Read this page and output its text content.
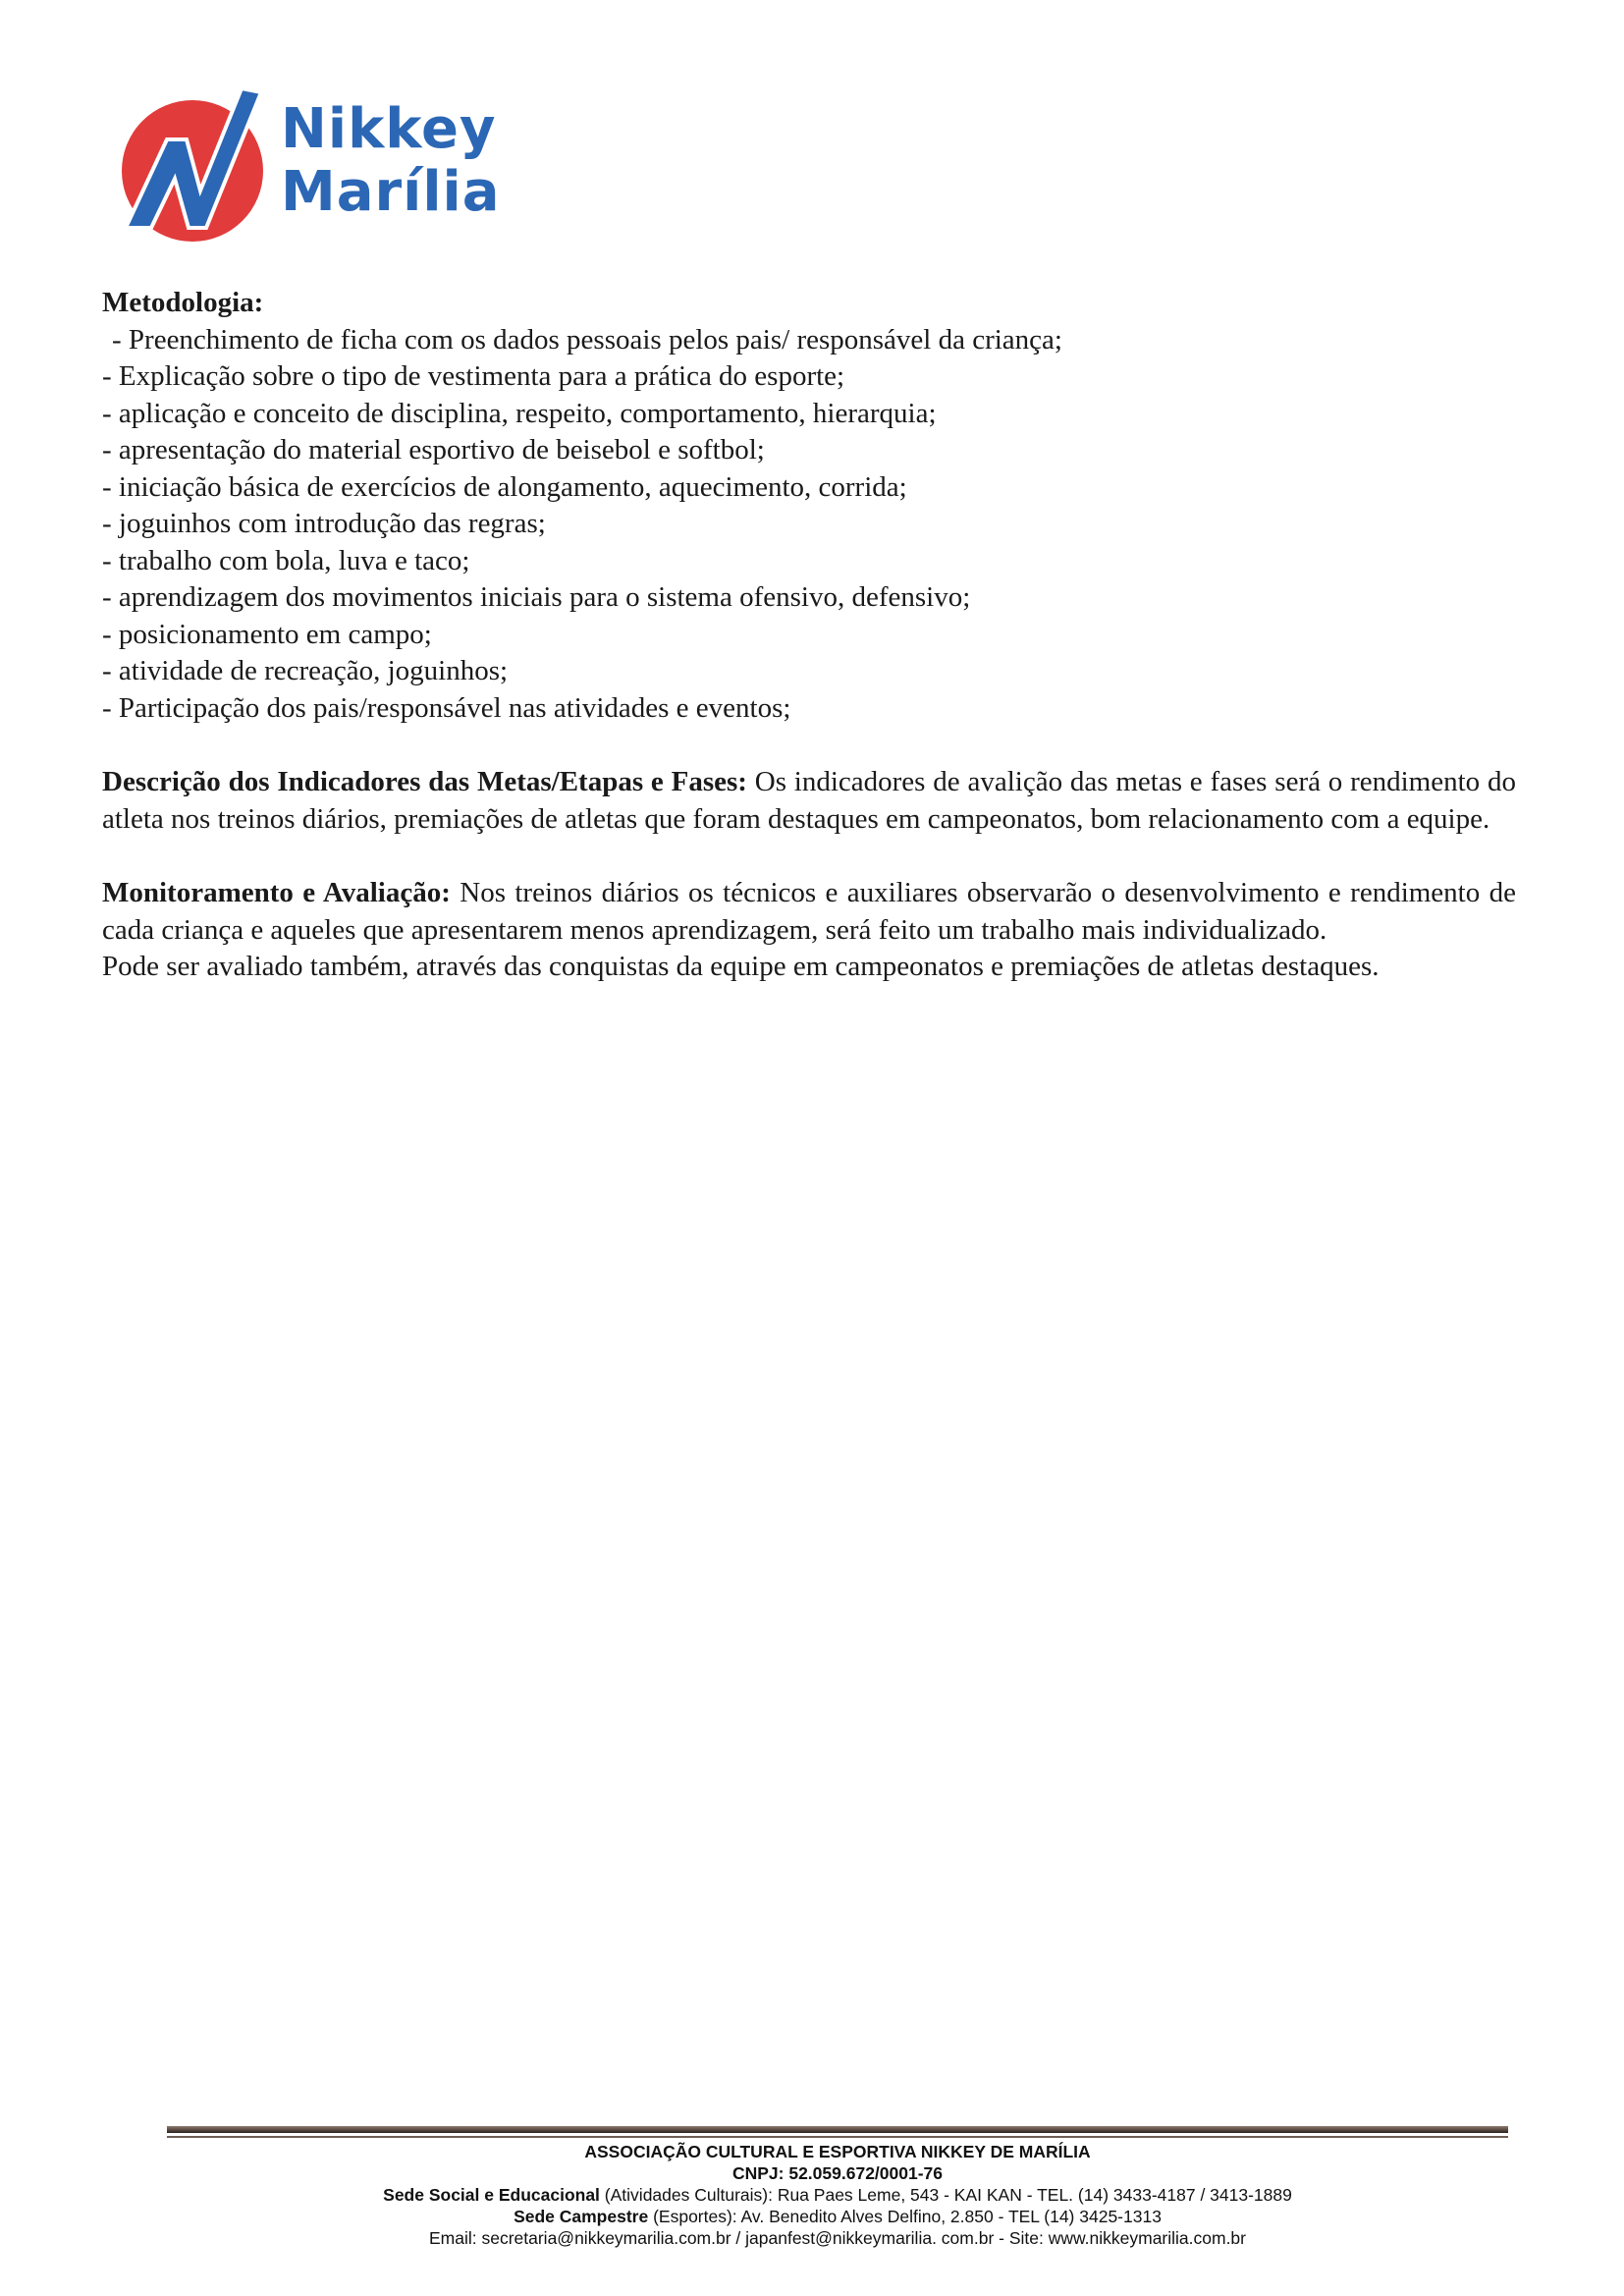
Nikkey
Marília
Metodologia:
- Preenchimento de ficha com os dados pessoais pelos pais/ responsável da criança;
- Explicação sobre o tipo de vestimenta para a prática do esporte;
- aplicação e conceito de disciplina, respeito, comportamento, hierarquia;
- apresentação do material esportivo de beisebol e softbol;
- iniciação básica de exercícios de alongamento, aquecimento, corrida;
- joguinhos com introdução das regras;
- trabalho com bola, luva e taco;
- aprendizagem dos movimentos iniciais para o sistema ofensivo, defensivo;
- posicionamento em campo;
- atividade de recreação, joguinhos;
- Participação dos pais/responsável nas atividades e eventos;
Descrição dos Indicadores das Metas/Etapas e Fases: Os indicadores de avalição das metas e fases será o rendimento do atleta nos treinos diários, premiações de atletas que foram destaques em campeonatos, bom relacionamento com a equipe.
Monitoramento e Avaliação: Nos treinos diários os técnicos e auxiliares observarão o desenvolvimento e rendimento de cada criança e aqueles que apresentarem menos aprendizagem, será feito um trabalho mais individualizado.
Pode ser avaliado também, através das conquistas da equipe em campeonatos e premiações de atletas destaques.
ASSOCIAÇÃO CULTURAL E ESPORTIVA NIKKEY DE MARÍLIA
CNPJ: 52.059.672/0001-76
Sede Social e Educacional (Atividades Culturais): Rua Paes Leme, 543 - KAI KAN - TEL. (14) 3433-4187 / 3413-1889
Sede Campestre (Esportes): Av. Benedito Alves Delfino, 2.850 - TEL (14) 3425-1313
Email: secretaria@nikkeymarilia.com.br / japanfest@nikkeymarilia. com.br - Site: www.nikkeymarilia.com.br
